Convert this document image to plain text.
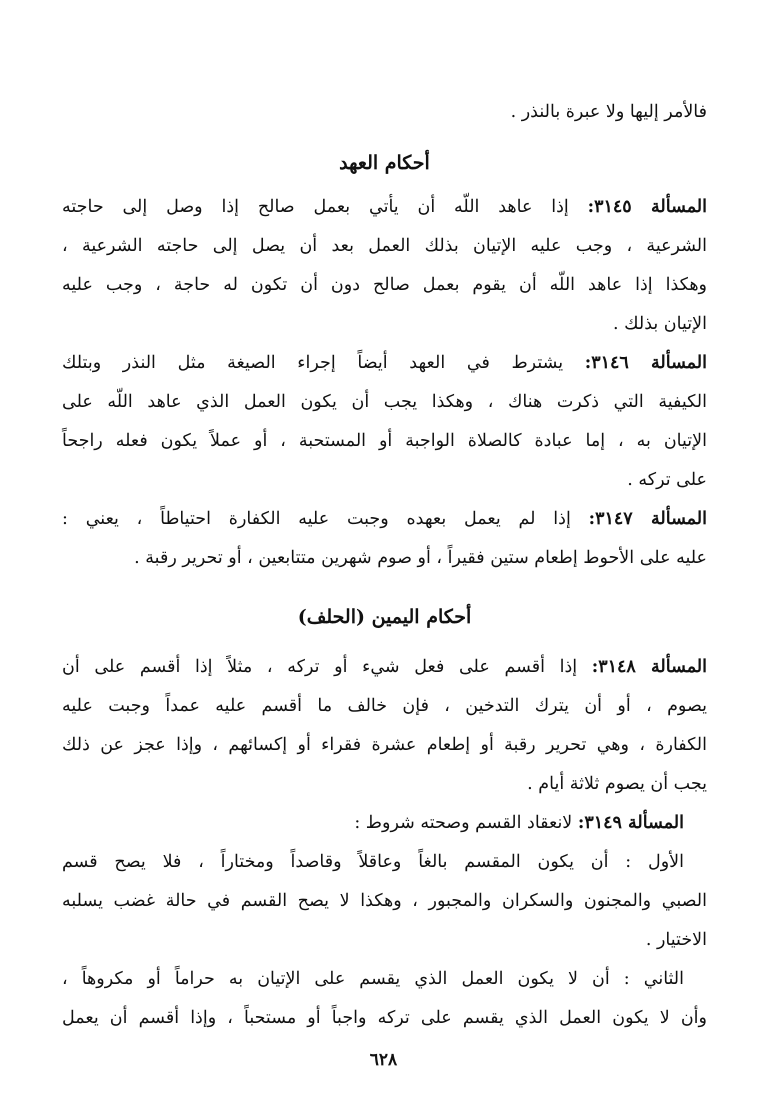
فالأمر إليها ولا عبرة بالنذر .
أحكام العهد
المسألة ٣١٤٥: إذا عاهد اللّه أن يأتي بعمل صالح إذا وصل إلى حاجته
الشرعية ، وجب عليه الإتيان بذلك العمل بعد أن يصل إلى حاجته الشرعية ،
وهكذا إذا عاهد اللّه أن يقوم بعمل صالح دون أن تكون له حاجة ، وجب عليه
الإتيان بذلك .
المسألة ٣١٤٦: يشترط في العهد أيضاً إجراء الصيغة مثل النذر وبتلك
الكيفية التي ذكرت هناك ، وهكذا يجب أن يكون العمل الذي عاهد اللّه على
الإتيان به ، إما عبادة كالصلاة الواجبة أو المستحبة ، أو عملاً يكون فعله راجحاً
على تركه .
المسألة ٣١٤٧: إذا لم يعمل بعهده وجبت عليه الكفارة احتياطاً ، يعني :
عليه على الأحوط إطعام ستين فقيراً ، أو صوم شهرين متتابعين ، أو تحرير رقبة .
أحكام اليمين (الحلف)
المسألة ٣١٤٨: إذا أقسم على فعل شيء أو تركه ، مثلاً إذا أقسم على أن
يصوم ، أو أن يترك التدخين ، فإن خالف ما أقسم عليه عمداً وجبت عليه
الكفارة ، وهي تحرير رقبة أو إطعام عشرة فقراء أو إكسائهم ، وإذا عجز عن ذلك
يجب أن يصوم ثلاثة أيام .
المسألة ٣١٤٩: لانعقاد القسم وصحته شروط :
الأول : أن يكون المقسم بالغاً وعاقلاً وقاصداً ومختاراً ، فلا يصح قسم
الصبي والمجنون والسكران والمجبور ، وهكذا لا يصح القسم في حالة غضب يسلبه
الاختيار .
الثاني : أن لا يكون العمل الذي يقسم على الإتيان به حراماً أو مكروهاً ،
وأن لا يكون العمل الذي يقسم على تركه واجباً أو مستحباً ، وإذا أقسم أن يعمل
٦٢٨
